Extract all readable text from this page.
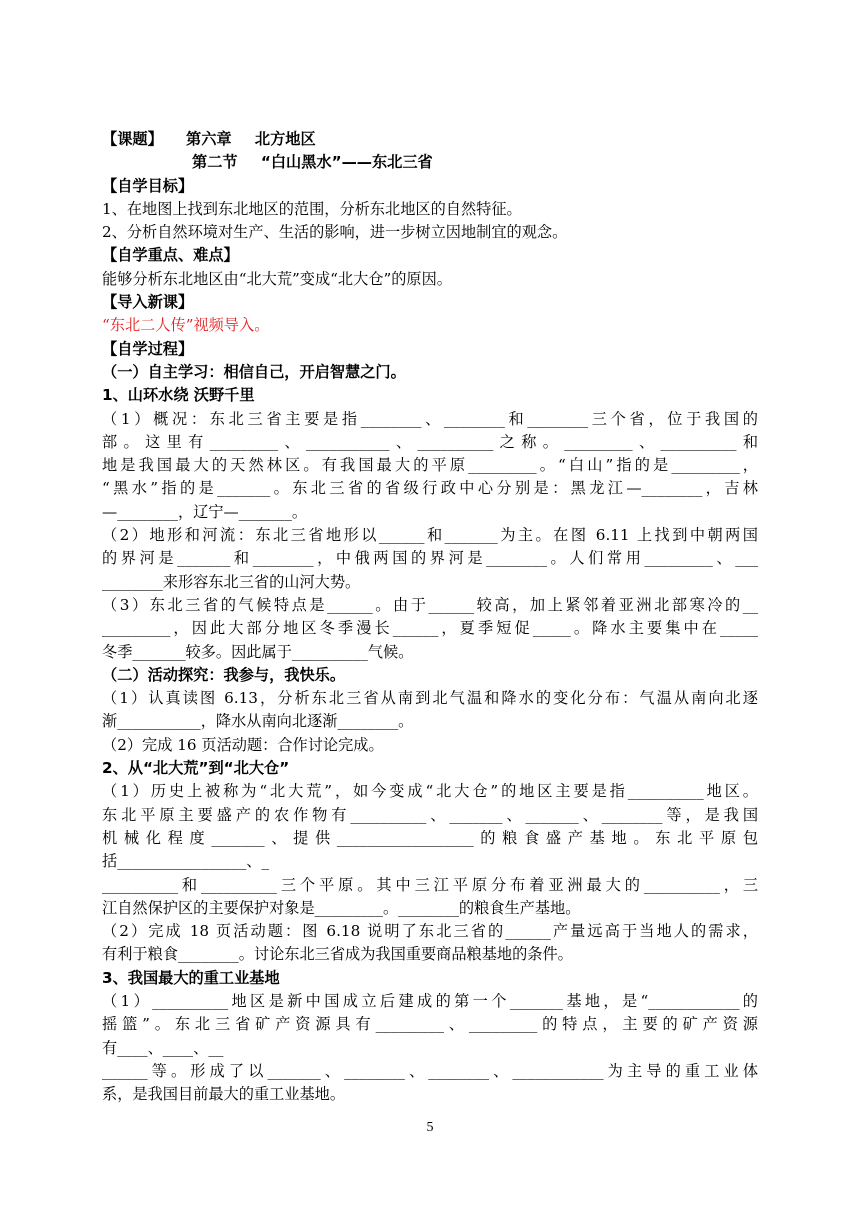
【课题】 第六章 北方地区
第二节 “白山黑水”——东北三省
【自学目标】
1、在地图上找到东北地区的范围，分析东北地区的自然特征。
2、分析自然环境对生产、生活的影响，进一步树立因地制宜的观念。
【自学重点、难点】
能够分析东北地区由“北大荒”变成“北大仓”的原因。
【导入新课】
“东北二人传”视频导入。
【自学过程】
（一）自主学习：相信自己，开启智慧之门。
1、山环水绕 沃野千里
（1）概况：东北三省主要是指________、________和________三个省，位于我国的
部。这里有_________、___________、__________之称。_________、__________和
地是我国最大的天然林区。有我国最大的平原_________。“白山”指的是_________，
“黑水”指的是_______。东北三省的省级行政中心分别是：黑龙江—________，吉林
—________，辽宁—_______。
（2）地形和河流：东北三省地形以______和_______为主。在图 6.11 上找到中朝两国
的界河是_______和________，中俄两国的界河是________。人们常用_________、___
________来形容东北三省的山河大势。
（3）东北三省的气候特点是______。由于______较高，加上紧邻着亚洲北部寒冷的__
_________，因此大部分地区冬季漫长______，夏季短促_____。降水主要集中在_____
冬季_______较多。因此属于__________气候。
（二）活动探究：我参与，我快乐。
（1）认真读图 6.13，分析东北三省从南到北气温和降水的变化分布：气温从南向北逐
渐___________，降水从南向北逐渐________。
（2）完成 16 页活动题：合作讨论完成。
2、从“北大荒”到“北大仓”
（1）历史上被称为“北大荒”，如今变成“北大仓”的地区主要是指__________地区。
东北平原主要盛产的农作物有__________、_______、_______、________等，是我国
机械化程度_______、提供__________________的粮食盛产基地。东北平原包
括_________________、_
__________和__________三个平原。其中三江平原分布着亚洲最大的__________，三
江自然保护区的主要保护对象是_________。________的粮食生产基地。
（2）完成 18 页活动题：图 6.18 说明了东北三省的______产量远高于当地人的需求，
有利于粮食________。讨论东北三省成为我国重要商品粮基地的条件。
3、我国最大的重工业基地
（1）__________地区是新中国成立后建成的第一个_______基地，是“____________的
摇篮”。东北三省矿产资源具有_________、_________的特点，主要的矿产资源
有____、____、__
______等。形成了以_______、________、________、____________为主导的重工业体
系，是我国目前最大的重工业基地。
5
